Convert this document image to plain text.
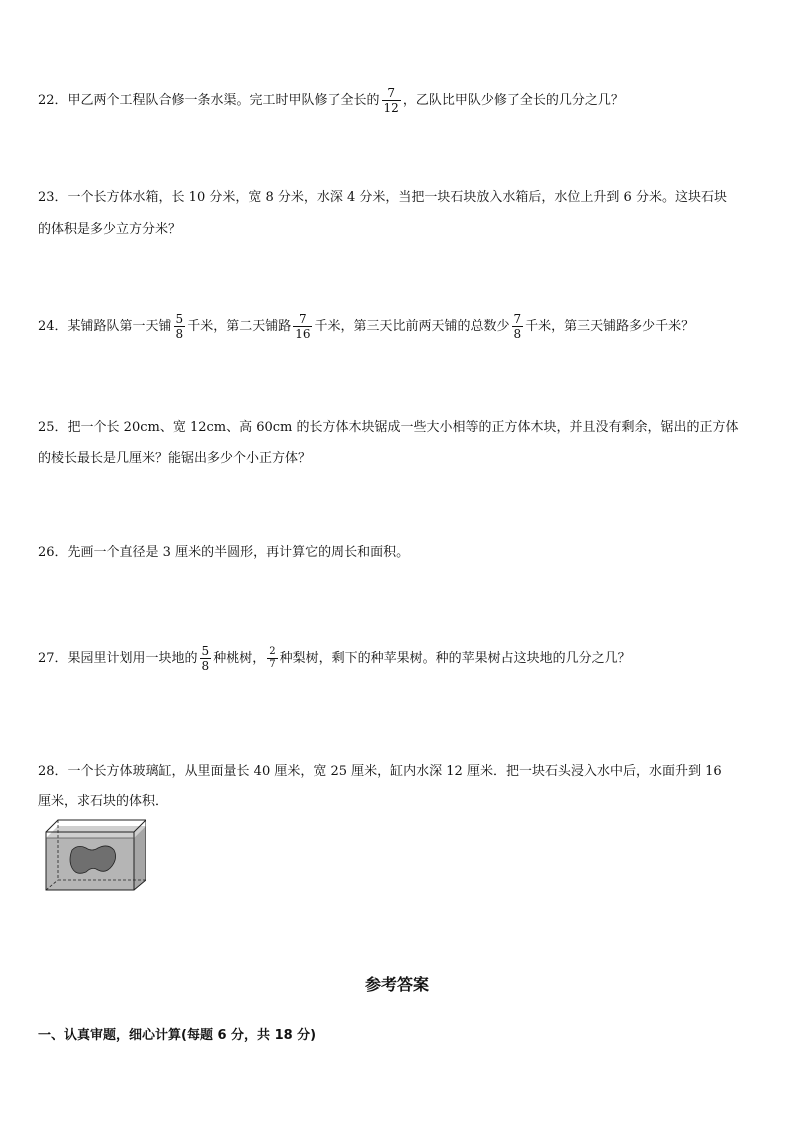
22．甲乙两个工程队合修一条水渠。完工时甲队修了全长的 $\frac{7}{12}$ ，乙队比甲队少修了全长的几分之几？
23．一个长方体水箱，长 10 分米，宽 8 分米，水深 4 分米，当把一块石块放入水箱后，水位上升到 6 分米。这块石块
的体积是多少立方分米？
24．某铺路队第一天铺 $\frac{5}{8}$ 千米，第二天铺路 $\frac{7}{16}$ 千米，第三天比前两天铺的总数少 $\frac{7}{8}$ 千米，第三天铺路多少千米？
25．把一个长 20cm、宽 12cm、高 60cm 的长方体木块锯成一些大小相等的正方体木块，并且没有剩余，锯出的正方体
的棱长最长是几厘米？能锯出多少个小正方体？
26．先画一个直径是 3 厘米的半圆形，再计算它的周长和面积。
27．果园里计划用一块地的 $\frac{5}{8}$ 种桃树， $\frac{2}{7}$ 种梨树，剩下的种苹果树。种的苹果树占这块地的几分之几？
28．一个长方体玻璃缸，从里面量长 40 厘米，宽 25 厘米，缸内水深 12 厘米．把一块石头浸入水中后，水面升到 16
厘米，求石块的体积．
参考答案
一、认真审题，细心计算(每题 6 分，共 18 分)
